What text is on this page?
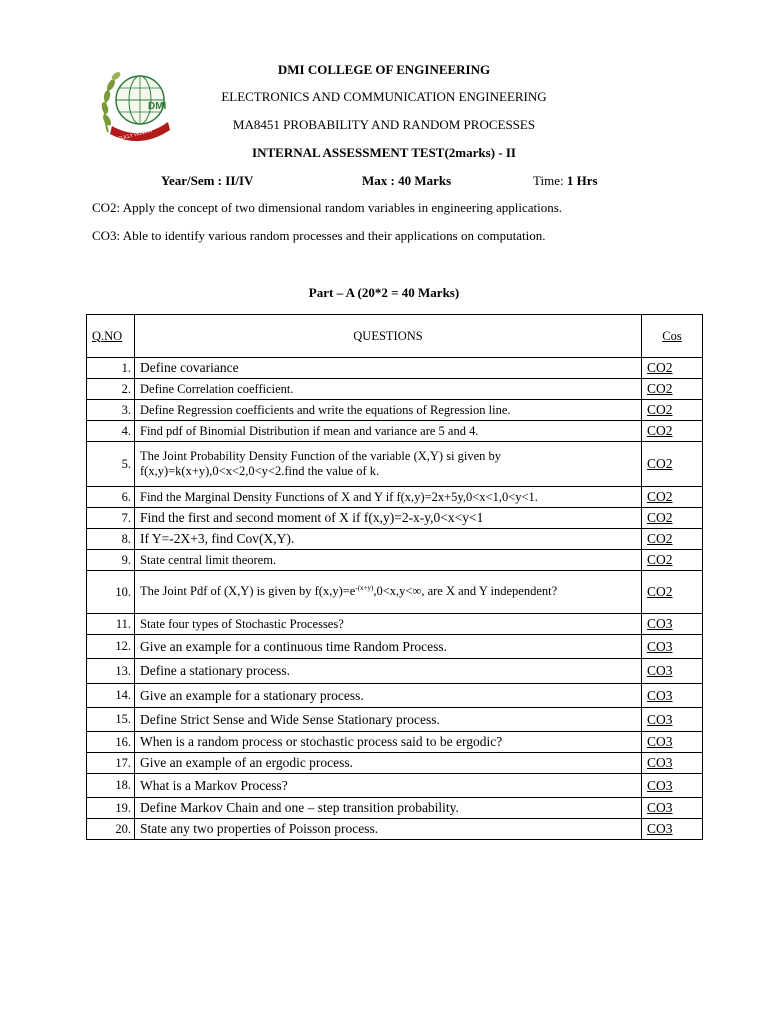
DMI
FULLY HUMAN
DMI COLLEGE OF ENGINEERING
ELECTRONICS AND COMMUNICATION ENGINEERING
MA8451 PROBABILITY AND RANDOM PROCESSES
INTERNAL ASSESSMENT TEST(2marks) - II
Year/Sem : II/IV	Max : 40 Marks	Time: 1 Hrs
CO2: Apply the concept of two dimensional random variables in engineering applications.
CO3: Able to identify various random processes and their applications on computation.
Part – A (20*2 = 40 Marks)
Q.NO	QUESTIONS	Cos
1.	Define covariance	CO2
2.	Define Correlation coefficient.	CO2
3.	Define Regression coefficients and write the equations of Regression line.	CO2
4.	Find pdf of Binomial Distribution if mean and variance are 5 and 4.	CO2
5.	The Joint Probability Density Function of the variable (X,Y) si given by
f(x,y)=k(x+y),0<x<2,0<y<2.find the value of k.	CO2
6.	Find the Marginal Density Functions of X and Y if f(x,y)=2x+5y,0<x<1,0<y<1.	CO2
7.	Find the first and second moment of X if f(x,y)=2-x-y,0<x<y<1	CO2
8.	If Y=-2X+3, find Cov(X,Y).	CO2
9.	State central limit theorem.	CO2
10.	The Joint Pdf of (X,Y) is given by $f(x,y)=e^{-(x+y)},0<x,y<\infty$, are X and Y independent?	CO2
11.	State four types of Stochastic Processes?	CO3
12.	Give an example for a continuous time Random Process.	CO3
13.	Define a stationary process.	CO3
14.	Give an example for a stationary process.	CO3
15.	Define Strict Sense and Wide Sense Stationary process.	CO3
16.	When is a random process or stochastic process said to be ergodic?	CO3
17.	Give an example of an ergodic process.	CO3
18.	What is a Markov Process?	CO3
19.	Define Markov Chain and one – step transition probability.	CO3
20.	State any two properties of Poisson process.	CO3
